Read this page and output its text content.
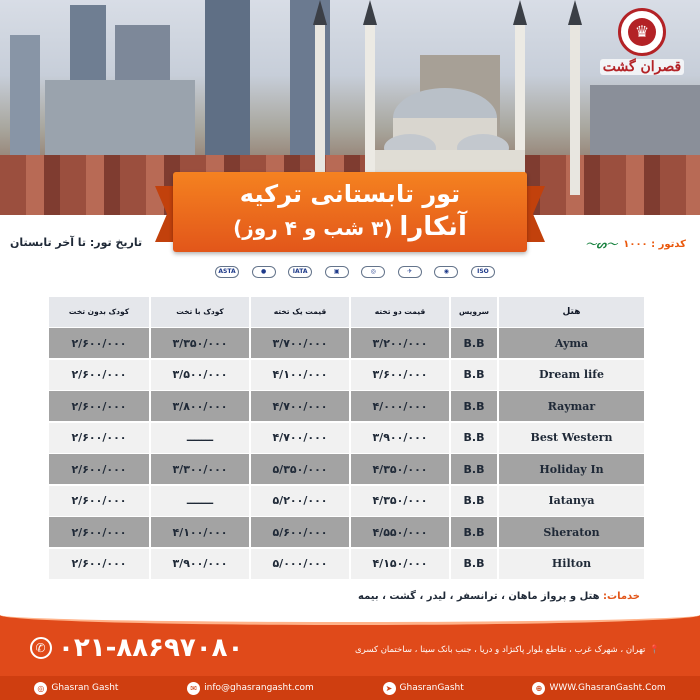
♛
قصران گشت
تور تابستانی ترکیه
آنکارا (۳ شب و ۴ روز)
تاریخ تور: تا آخر تابستان	کدتور : ۱۰۰۰
〜ᔕ〜
ASTA	●	IATA	▣	◎	✈	◉	ISO
کودک بدون تخت	کودک با تخت	قیمت یک تخته	قیمت دو تخته	سرویس	هتل
۲/۶۰۰/۰۰۰	۳/۳۵۰/۰۰۰	۳/۷۰۰/۰۰۰	۳/۲۰۰/۰۰۰	B.B	Ayma
۲/۶۰۰/۰۰۰	۳/۵۰۰/۰۰۰	۴/۱۰۰/۰۰۰	۳/۶۰۰/۰۰۰	B.B	Dream life
۲/۶۰۰/۰۰۰	۳/۸۰۰/۰۰۰	۴/۷۰۰/۰۰۰	۴/۰۰۰/۰۰۰	B.B	Raymar
۲/۶۰۰/۰۰۰	ـــــــ	۴/۷۰۰/۰۰۰	۳/۹۰۰/۰۰۰	B.B	Best Western
۲/۶۰۰/۰۰۰	۳/۳۰۰/۰۰۰	۵/۳۵۰/۰۰۰	۴/۳۵۰/۰۰۰	B.B	Holiday In
۲/۶۰۰/۰۰۰	ـــــــ	۵/۲۰۰/۰۰۰	۴/۳۵۰/۰۰۰	B.B	Iatanya
۲/۶۰۰/۰۰۰	۴/۱۰۰/۰۰۰	۵/۶۰۰/۰۰۰	۴/۵۵۰/۰۰۰	B.B	Sheraton
۲/۶۰۰/۰۰۰	۳/۹۰۰/۰۰۰	۵/۰۰۰/۰۰۰	۴/۱۵۰/۰۰۰	B.B	Hilton
خدمات: هتل و پرواز ماهان ، ترانسفر ، لیدر ، گشت ، بیمه
✆ ۰۲۱-۸۸۶۹۷۰۸۰	📍
تهران ، شهرک غرب ، تقاطع بلوار پاکنژاد و دریا ، جنب بانک سینا ، ساختمان کسری
◎ Ghasran Gasht	✉ info@ghasrangasht.com	➤ GhasranGasht	⊕ WWW.GhasranGasht.Com
